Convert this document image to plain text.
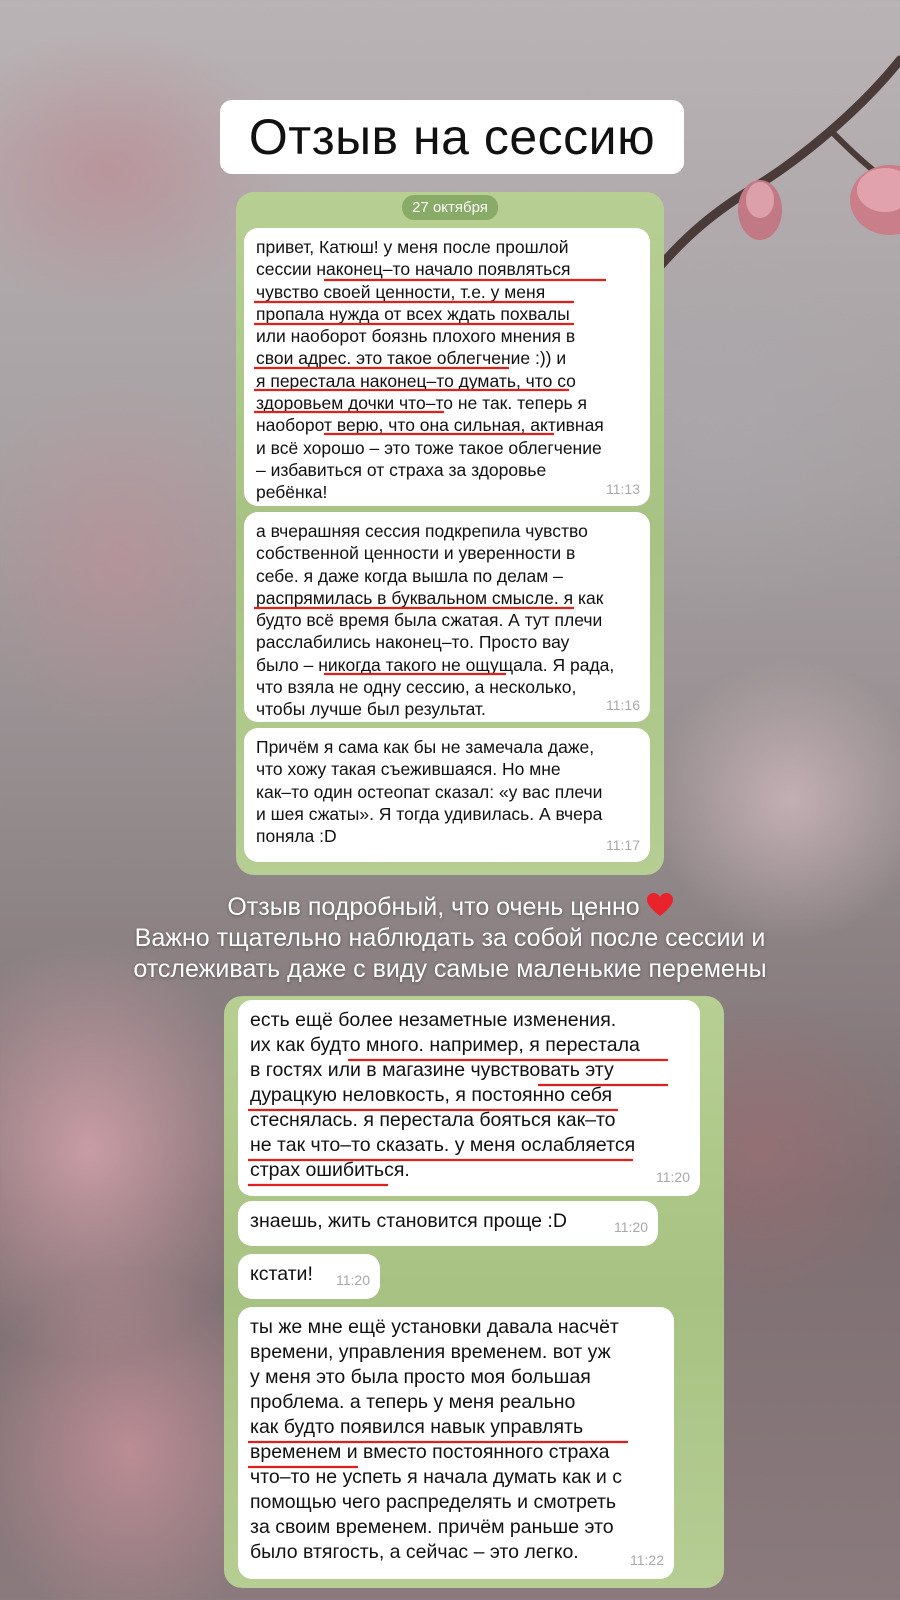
Отзыв на сессию
27 октября
привет, Катюш! у меня после прошлой
сессии наконец–то начало появляться
чувство своей ценности, т.е. у меня
пропала нужда от всех ждать похвалы
или наоборот боязнь плохого мнения в
свои адрес. это такое облегчение :)) и
я перестала наконец–то думать, что со
здоровьем дочки что–то не так. теперь я
наоборот верю, что она сильная, активная
и всё хорошо – это тоже такое облегчение
– избавиться от страха за здоровье
ребёнка!	11:13
а вчерашняя сессия подкрепила чувство
собственной ценности и уверенности в
себе. я даже когда вышла по делам –
распрямилась в буквальном смысле. я как
будто всё время была сжатая. А тут плечи
расслабились наконец–то. Просто вау
было – никогда такого не ощущала. Я рада,
что взяла не одну сессию, а несколько,
чтобы лучше был результат.	11:16
Причём я сама как бы не замечала даже,
что хожу такая съежившаяся. Но мне
как–то один остеопат сказал: «у вас плечи
и шея сжаты». Я тогда удивилась. А вчера
поняла :D	11:17
Отзыв подробный, что очень ценно
Важно тщательно наблюдать за собой после сессии и
отслеживать даже с виду самые маленькие перемены
есть ещё более незаметные изменения.
их как будто много. например, я перестала
в гостях или в магазине чувствовать эту
дурацкую неловкость, я постоянно себя
стеснялась. я перестала бояться как–то
не так что–то сказать. у меня ослабляется
страх ошибиться.	11:20
знаешь, жить становится проще :D	11:20
кстати!	11:20
ты же мне ещё установки давала насчёт
времени, управления временем. вот уж
у меня это была просто моя большая
проблема. а теперь у меня реально
как будто появился навык управлять
временем и вместо постоянного страха
что–то не успеть я начала думать как и с
помощью чего распределять и смотреть
за своим временем. причём раньше это
было втягость, а сейчас – это легко.	11:22
